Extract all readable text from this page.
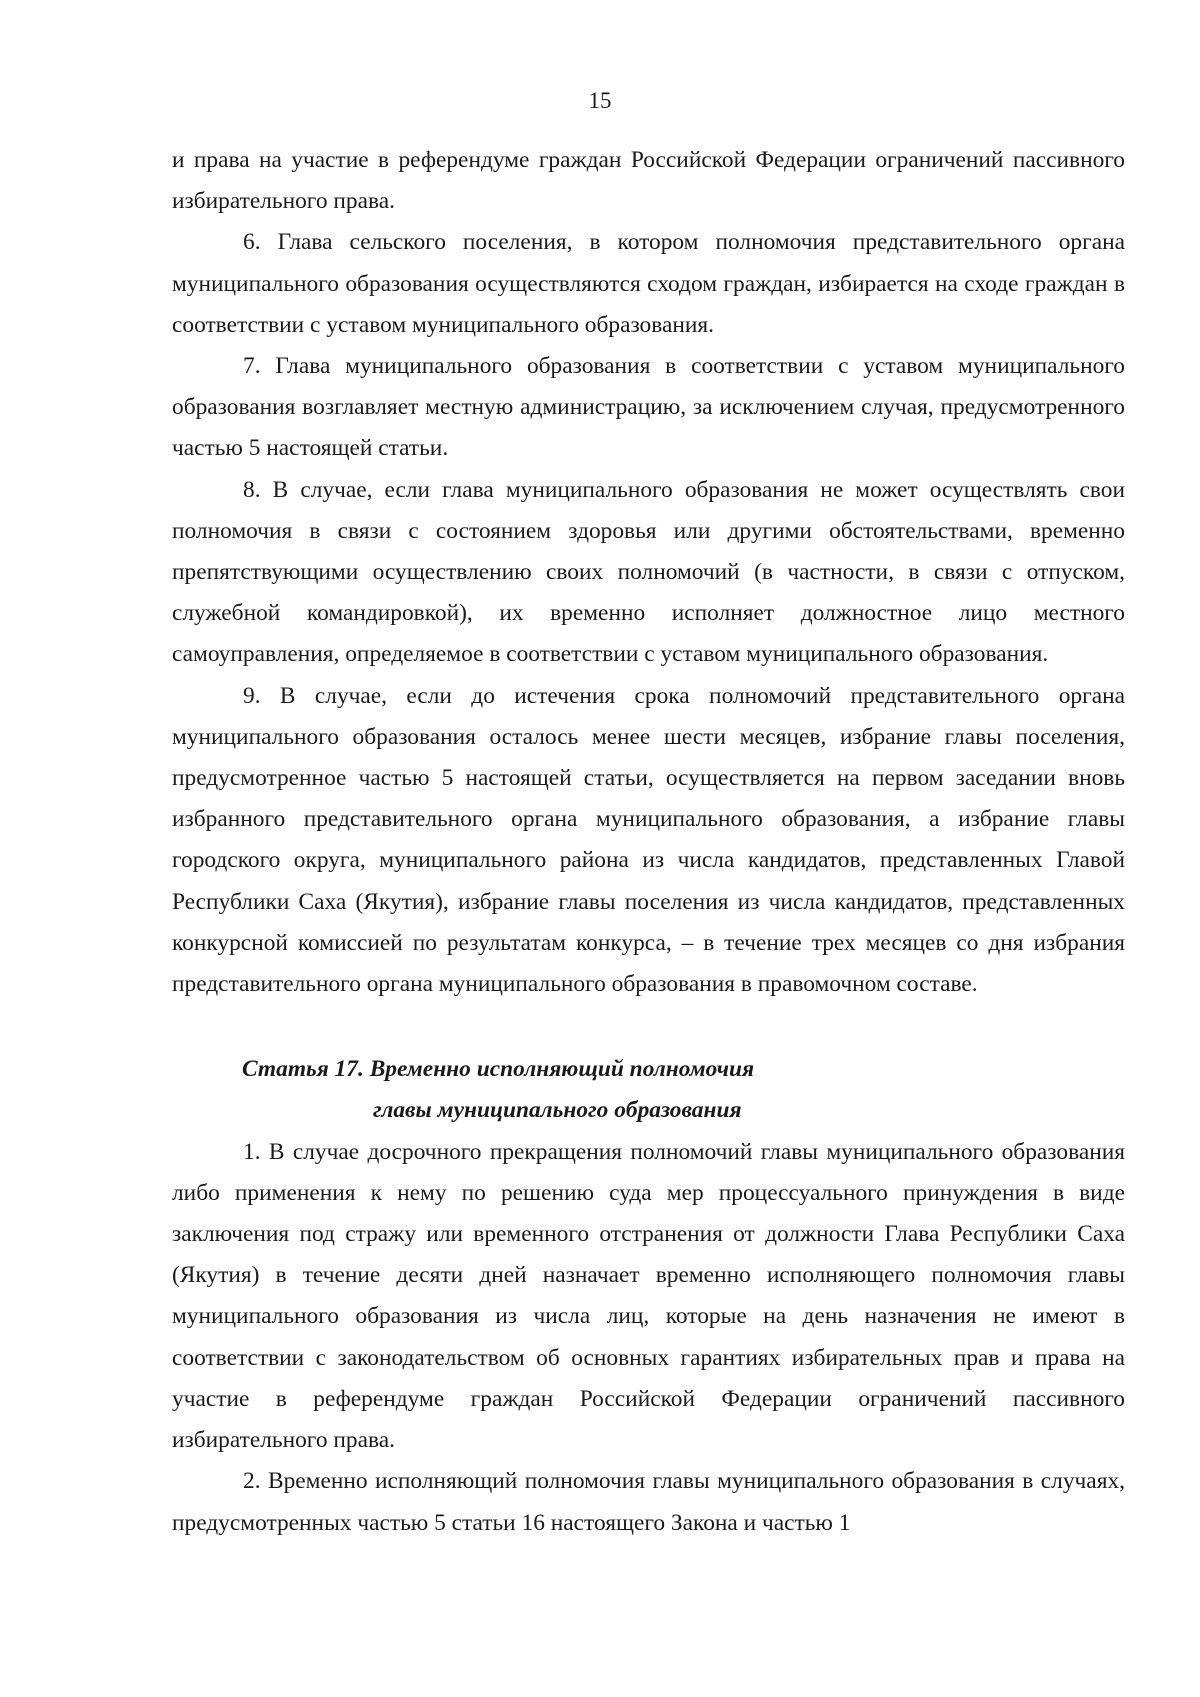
15

и права на участие в референдуме граждан Российской Федерации ограничений пассивного избирательного права.

6. Глава сельского поселения, в котором полномочия представительного органа муниципального образования осуществляются сходом граждан, избирается на сходе граждан в соответствии с уставом муниципального образования.

7. Глава муниципального образования в соответствии с уставом муниципального образования возглавляет местную администрацию, за исключением случая, предусмотренного частью 5 настоящей статьи.

8. В случае, если глава муниципального образования не может осуществлять свои полномочия в связи с состоянием здоровья или другими обстоятельствами, временно препятствующими осуществлению своих полномочий (в частности, в связи с отпуском, служебной командировкой), их временно исполняет должностное лицо местного самоуправления, определяемое в соответствии с уставом муниципального образования.

9. В случае, если до истечения срока полномочий представительного органа муниципального образования осталось менее шести месяцев, избрание главы поселения, предусмотренное частью 5 настоящей статьи, осуществляется на первом заседании вновь избранного представительного органа муниципального образования, а избрание главы городского округа, муниципального района из числа кандидатов, представленных Главой Республики Саха (Якутия), избрание главы поселения из числа кандидатов, представленных конкурсной комиссией по результатам конкурса, – в течение трех месяцев со дня избрания представительного органа муниципального образования в правомочном составе.

Статья 17. Временно исполняющий полномочия
главы муниципального образования

1. В случае досрочного прекращения полномочий главы муниципального образования либо применения к нему по решению суда мер процессуального принуждения в виде заключения под стражу или временного отстранения от должности Глава Республики Саха (Якутия) в течение десяти дней назначает временно исполняющего полномочия главы муниципального образования из числа лиц, которые на день назначения не имеют в соответствии с законодательством об основных гарантиях избирательных прав и права на участие в референдуме граждан Российской Федерации ограничений пассивного избирательного права.

2. Временно исполняющий полномочия главы муниципального образования в случаях, предусмотренных частью 5 статьи 16 настоящего Закона и частью 1
